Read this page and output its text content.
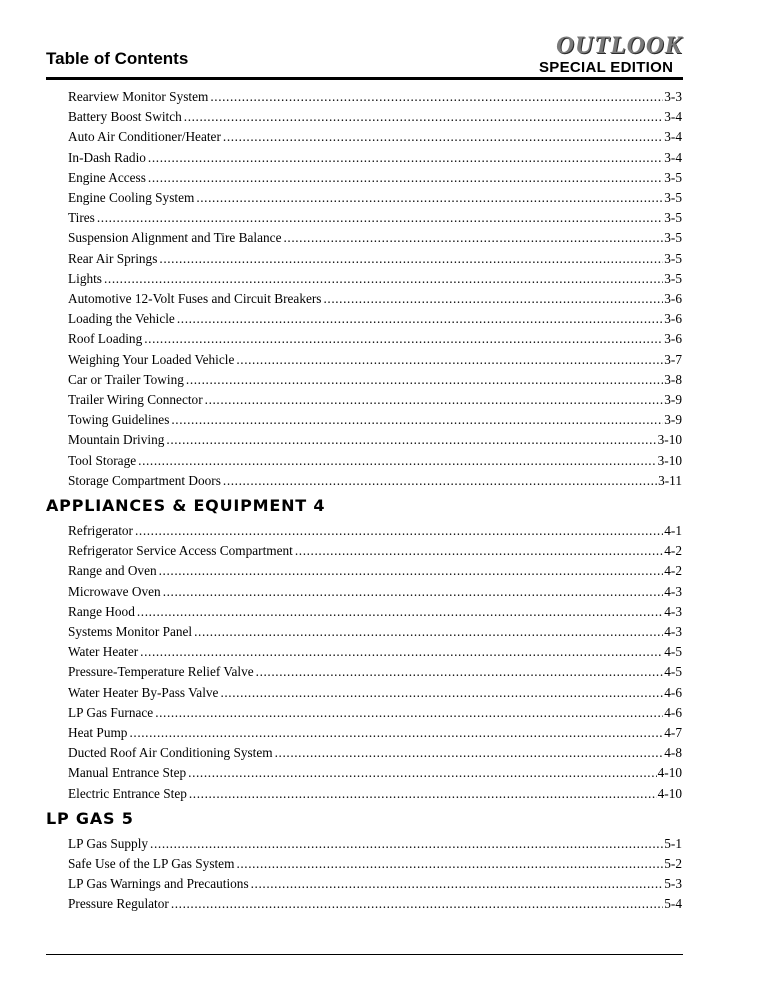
Table of Contents	OUTLOOK
SPECIAL EDITION
Rearview Monitor System .....	3-3
Battery Boost Switch .....	3-4
Auto Air Conditioner/Heater .....	3-4
In-Dash Radio .....	3-4
Engine Access .....	3-5
Engine Cooling System .....	3-5
Tires .....	3-5
Suspension Alignment and Tire Balance .....	3-5
Rear Air Springs .....	3-5
Lights .....	3-5
Automotive 12-Volt Fuses and Circuit Breakers .....	3-6
Loading the Vehicle .....	3-6
Roof Loading .....	3-6
Weighing Your Loaded Vehicle .....	3-7
Car or Trailer Towing .....	3-8
Trailer Wiring Connector .....	3-9
Towing Guidelines .....	3-9
Mountain Driving .....	3-10
Tool Storage .....	3-10
Storage Compartment Doors .....	3-11
APPLIANCES & EQUIPMENT 4
Refrigerator .....	4-1
Refrigerator Service Access Compartment .....	4-2
Range and Oven .....	4-2
Microwave Oven .....	4-3
Range Hood .....	4-3
Systems Monitor Panel .....	4-3
Water Heater .....	4-5
Pressure-Temperature Relief Valve .....	4-5
Water Heater By-Pass Valve .....	4-6
LP Gas Furnace .....	4-6
Heat Pump .....	4-7
Ducted Roof Air Conditioning System .....	4-8
Manual Entrance Step .....	4-10
Electric Entrance Step .....	4-10
LP GAS 5
LP Gas Supply .....	5-1
Safe Use of the LP Gas System .....	5-2
LP Gas Warnings and Precautions .....	5-3
Pressure Regulator .....	5-4
